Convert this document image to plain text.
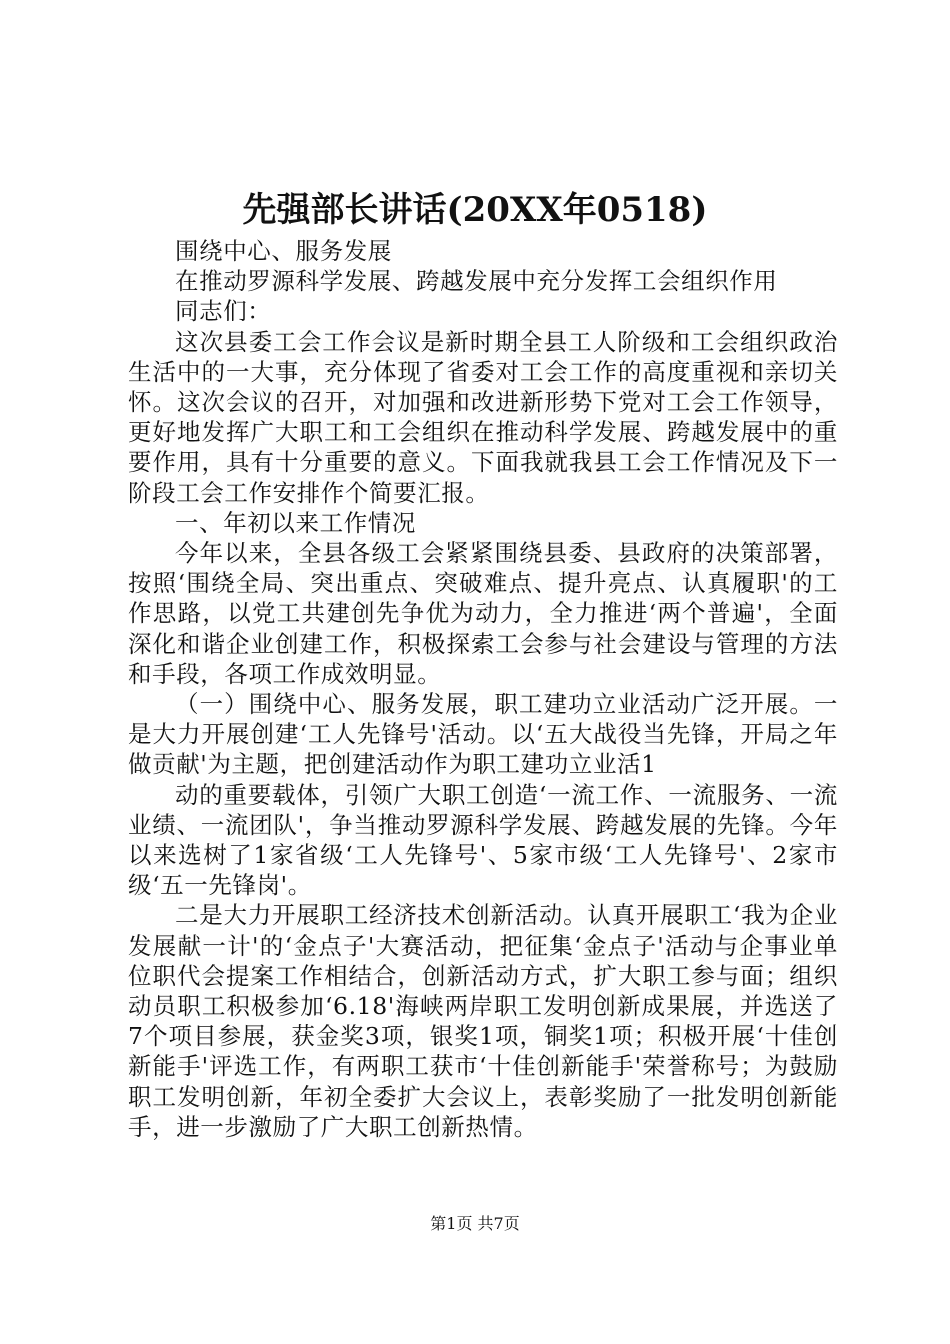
先强部长讲话(20XX年0518)

围绕中心、服务发展

在推动罗源科学发展、跨越发展中充分发挥工会组织作用

同志们：

这次县委工会工作会议是新时期全县工人阶级和工会组织政治生活中的一大事，充分体现了省委对工会工作的高度重视和亲切关怀。这次会议的召开，对加强和改进新形势下党对工会工作领导，更好地发挥广大职工和工会组织在推动科学发展、跨越发展中的重要作用，具有十分重要的意义。下面我就我县工会工作情况及下一阶段工会工作安排作个简要汇报。

一、年初以来工作情况

今年以来，全县各级工会紧紧围绕县委、县政府的决策部署，按照‘围绕全局、突出重点、突破难点、提升亮点、认真履职'的工作思路，以党工共建创先争优为动力，全力推进‘两个普遍'，全面深化和谐企业创建工作，积极探索工会参与社会建设与管理的方法和手段，各项工作成效明显。

（一）围绕中心、服务发展，职工建功立业活动广泛开展。一是大力开展创建‘工人先锋号'活动。以‘五大战役当先锋，开局之年做贡献'为主题，把创建活动作为职工建功立业活1

动的重要载体，引领广大职工创造‘一流工作、一流服务、一流业绩、一流团队'，争当推动罗源科学发展、跨越发展的先锋。今年以来选树了1家省级‘工人先锋号'、5家市级‘工人先锋号'、2家市级‘五一先锋岗'。

二是大力开展职工经济技术创新活动。认真开展职工‘我为企业发展献一计'的‘金点子'大赛活动，把征集‘金点子'活动与企事业单位职代会提案工作相结合，创新活动方式，扩大职工参与面；组织动员职工积极参加‘6.18'海峡两岸职工发明创新成果展，并选送了7个项目参展，获金奖3项，银奖1项，铜奖1项；积极开展‘十佳创新能手'评选工作，有两职工获市‘十佳创新能手'荣誉称号；为鼓励职工发明创新，年初全委扩大会议上，表彰奖励了一批发明创新能手，进一步激励了广大职工创新热情。

第1页 共7页
